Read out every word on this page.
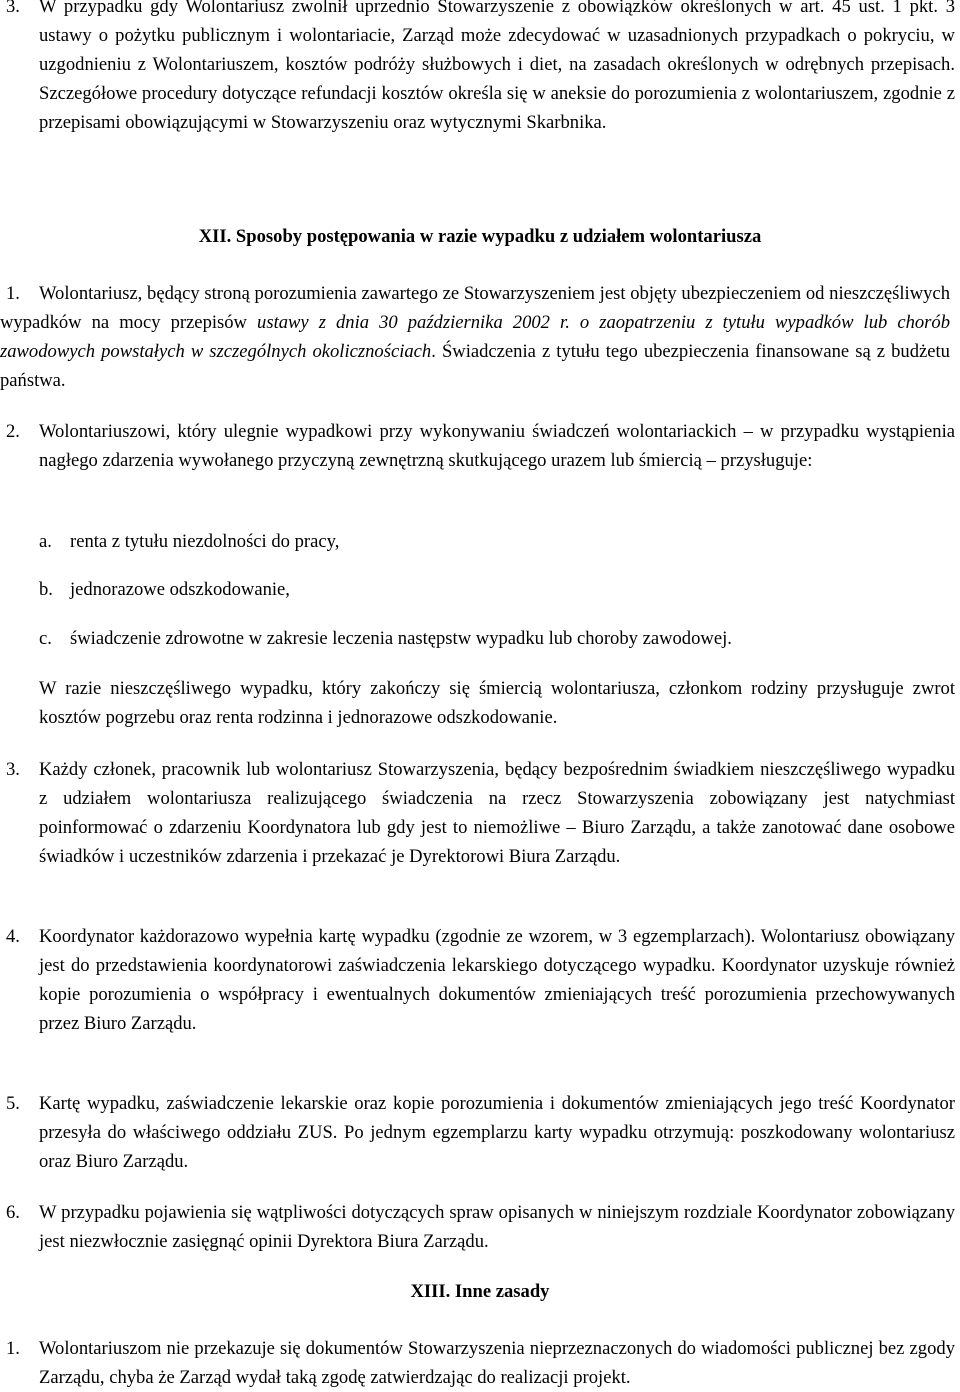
3. W przypadku gdy Wolontariusz zwolnił uprzednio Stowarzyszenie z obowiązków określonych w art. 45 ust. 1 pkt. 3 ustawy o pożytku publicznym i wolontariacie, Zarząd może zdecydować w uzasadnionych przypadkach o pokryciu, w uzgodnieniu z Wolontariuszem, kosztów podróży służbowych i diet, na zasadach określonych w odrębnych przepisach. Szczegółowe procedury dotyczące refundacji kosztów określa się w aneksie do porozumienia z wolontariuszem, zgodnie z przepisami obowiązującymi w Stowarzyszeniu oraz wytycznymi Skarbnika.
XII. Sposoby postępowania w razie wypadku z udziałem wolontariusza
1.	Wolontariusz, będący stroną porozumienia zawartego ze Stowarzyszeniem jest objęty ubezpieczeniem od nieszczęśliwych wypadków na mocy przepisów ustawy z dnia 30 października 2002 r. o zaopatrzeniu z tytułu wypadków lub chorób zawodowych powstałych w szczególnych okolicznościach. Świadczenia z tytułu tego ubezpieczenia finansowane są z budżetu państwa.
2. Wolontariuszowi, który ulegnie wypadkowi przy wykonywaniu świadczeń wolontariackich – w przypadku wystąpienia nagłego zdarzenia wywołanego przyczyną zewnętrzną skutkującego urazem lub śmiercią – przysługuje:
a. renta z tytułu niezdolności do pracy,
b. jednorazowe odszkodowanie,
c. świadczenie zdrowotne w zakresie leczenia następstw wypadku lub choroby zawodowej.
W razie nieszczęśliwego wypadku, który zakończy się śmiercią wolontariusza, członkom rodziny przysługuje zwrot kosztów pogrzebu oraz renta rodzinna i jednorazowe odszkodowanie.
3. Każdy członek, pracownik lub wolontariusz Stowarzyszenia, będący bezpośrednim świadkiem nieszczęśliwego wypadku z udziałem wolontariusza realizującego świadczenia na rzecz Stowarzyszenia zobowiązany jest natychmiast poinformować o zdarzeniu Koordynatora lub gdy jest to niemożliwe – Biuro Zarządu, a także zanotować dane osobowe świadków i uczestników zdarzenia i przekazać je Dyrektorowi Biura Zarządu.
4. Koordynator każdorazowo wypełnia kartę wypadku (zgodnie ze wzorem, w 3 egzemplarzach). Wolontariusz obowiązany jest do przedstawienia koordynatorowi zaświadczenia lekarskiego dotyczącego wypadku. Koordynator uzyskuje również kopie porozumienia o współpracy i ewentualnych dokumentów zmieniających treść porozumienia przechowywanych przez Biuro Zarządu.
5. Kartę wypadku, zaświadczenie lekarskie oraz kopie porozumienia i dokumentów zmieniających jego treść Koordynator przesyła do właściwego oddziału ZUS. Po jednym egzemplarzu karty wypadku otrzymują: poszkodowany wolontariusz oraz Biuro Zarządu.
6. W przypadku pojawienia się wątpliwości dotyczących spraw opisanych w niniejszym rozdziale Koordynator zobowiązany jest niezwłocznie zasięgnąć opinii Dyrektora Biura Zarządu.
XIII. Inne zasady
1. Wolontariuszom nie przekazuje się dokumentów Stowarzyszenia nieprzeznaczonych do wiadomości publicznej bez zgody Zarządu, chyba że Zarząd wydał taką zgodę zatwierdzając do realizacji projekt.
